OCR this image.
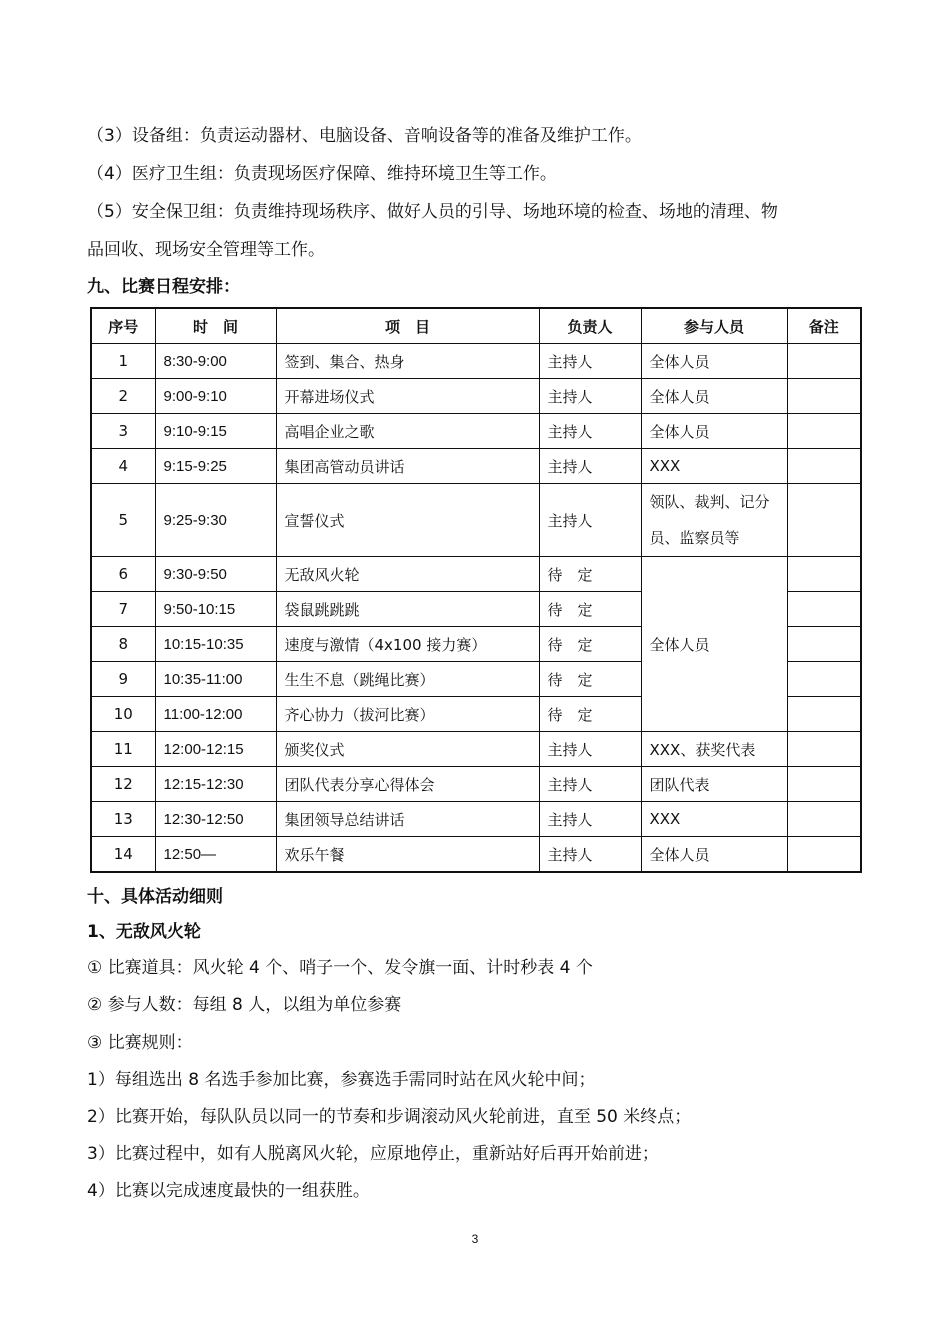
（3）设备组：负责运动器材、电脑设备、音响设备等的准备及维护工作。
（4）医疗卫生组：负责现场医疗保障、维持环境卫生等工作。
（5）安全保卫组：负责维持现场秩序、做好人员的引导、场地环境的检查、场地的清理、物
品回收、现场安全管理等工作。
九、比赛日程安排：
序号	时　间	项　目	负责人	参与人员	备注
1	8:30-9:00	签到、集合、热身	主持人	全体人员	
2	9:00-9:10	开幕进场仪式	主持人	全体人员	
3	9:10-9:15	高唱企业之歌	主持人	全体人员	
4	9:15-9:25	集团高管动员讲话	主持人	XXX	
5	9:25-9:30	宣誓仪式	主持人	领队、裁判、记分员、监察员等	
6	9:30-9:50	无敌风火轮	待　定	全体人员	
7	9:50-10:15	袋鼠跳跳跳	待　定		
8	10:15-10:35	速度与激情（4x100 接力赛）	待　定		
9	10:35-11:00	生生不息（跳绳比赛）	待　定		
10	11:00-12:00	齐心协力（拔河比赛）	待　定		
11	12:00-12:15	颁奖仪式	主持人	XXX、获奖代表	
12	12:15-12:30	团队代表分享心得体会	主持人	团队代表	
13	12:30-12:50	集团领导总结讲话	主持人	XXX	
14	12:50—	欢乐午餐	主持人	全体人员	
十、具体活动细则
1、无敌风火轮
① 比赛道具：风火轮 4 个、哨子一个、发令旗一面、计时秒表 4 个
② 参与人数：每组 8 人，以组为单位参赛
③ 比赛规则：
1）每组选出 8 名选手参加比赛，参赛选手需同时站在风火轮中间；
2）比赛开始，每队队员以同一的节奏和步调滚动风火轮前进，直至 50 米终点；
3）比赛过程中，如有人脱离风火轮，应原地停止，重新站好后再开始前进；
4）比赛以完成速度最快的一组获胜。
3
